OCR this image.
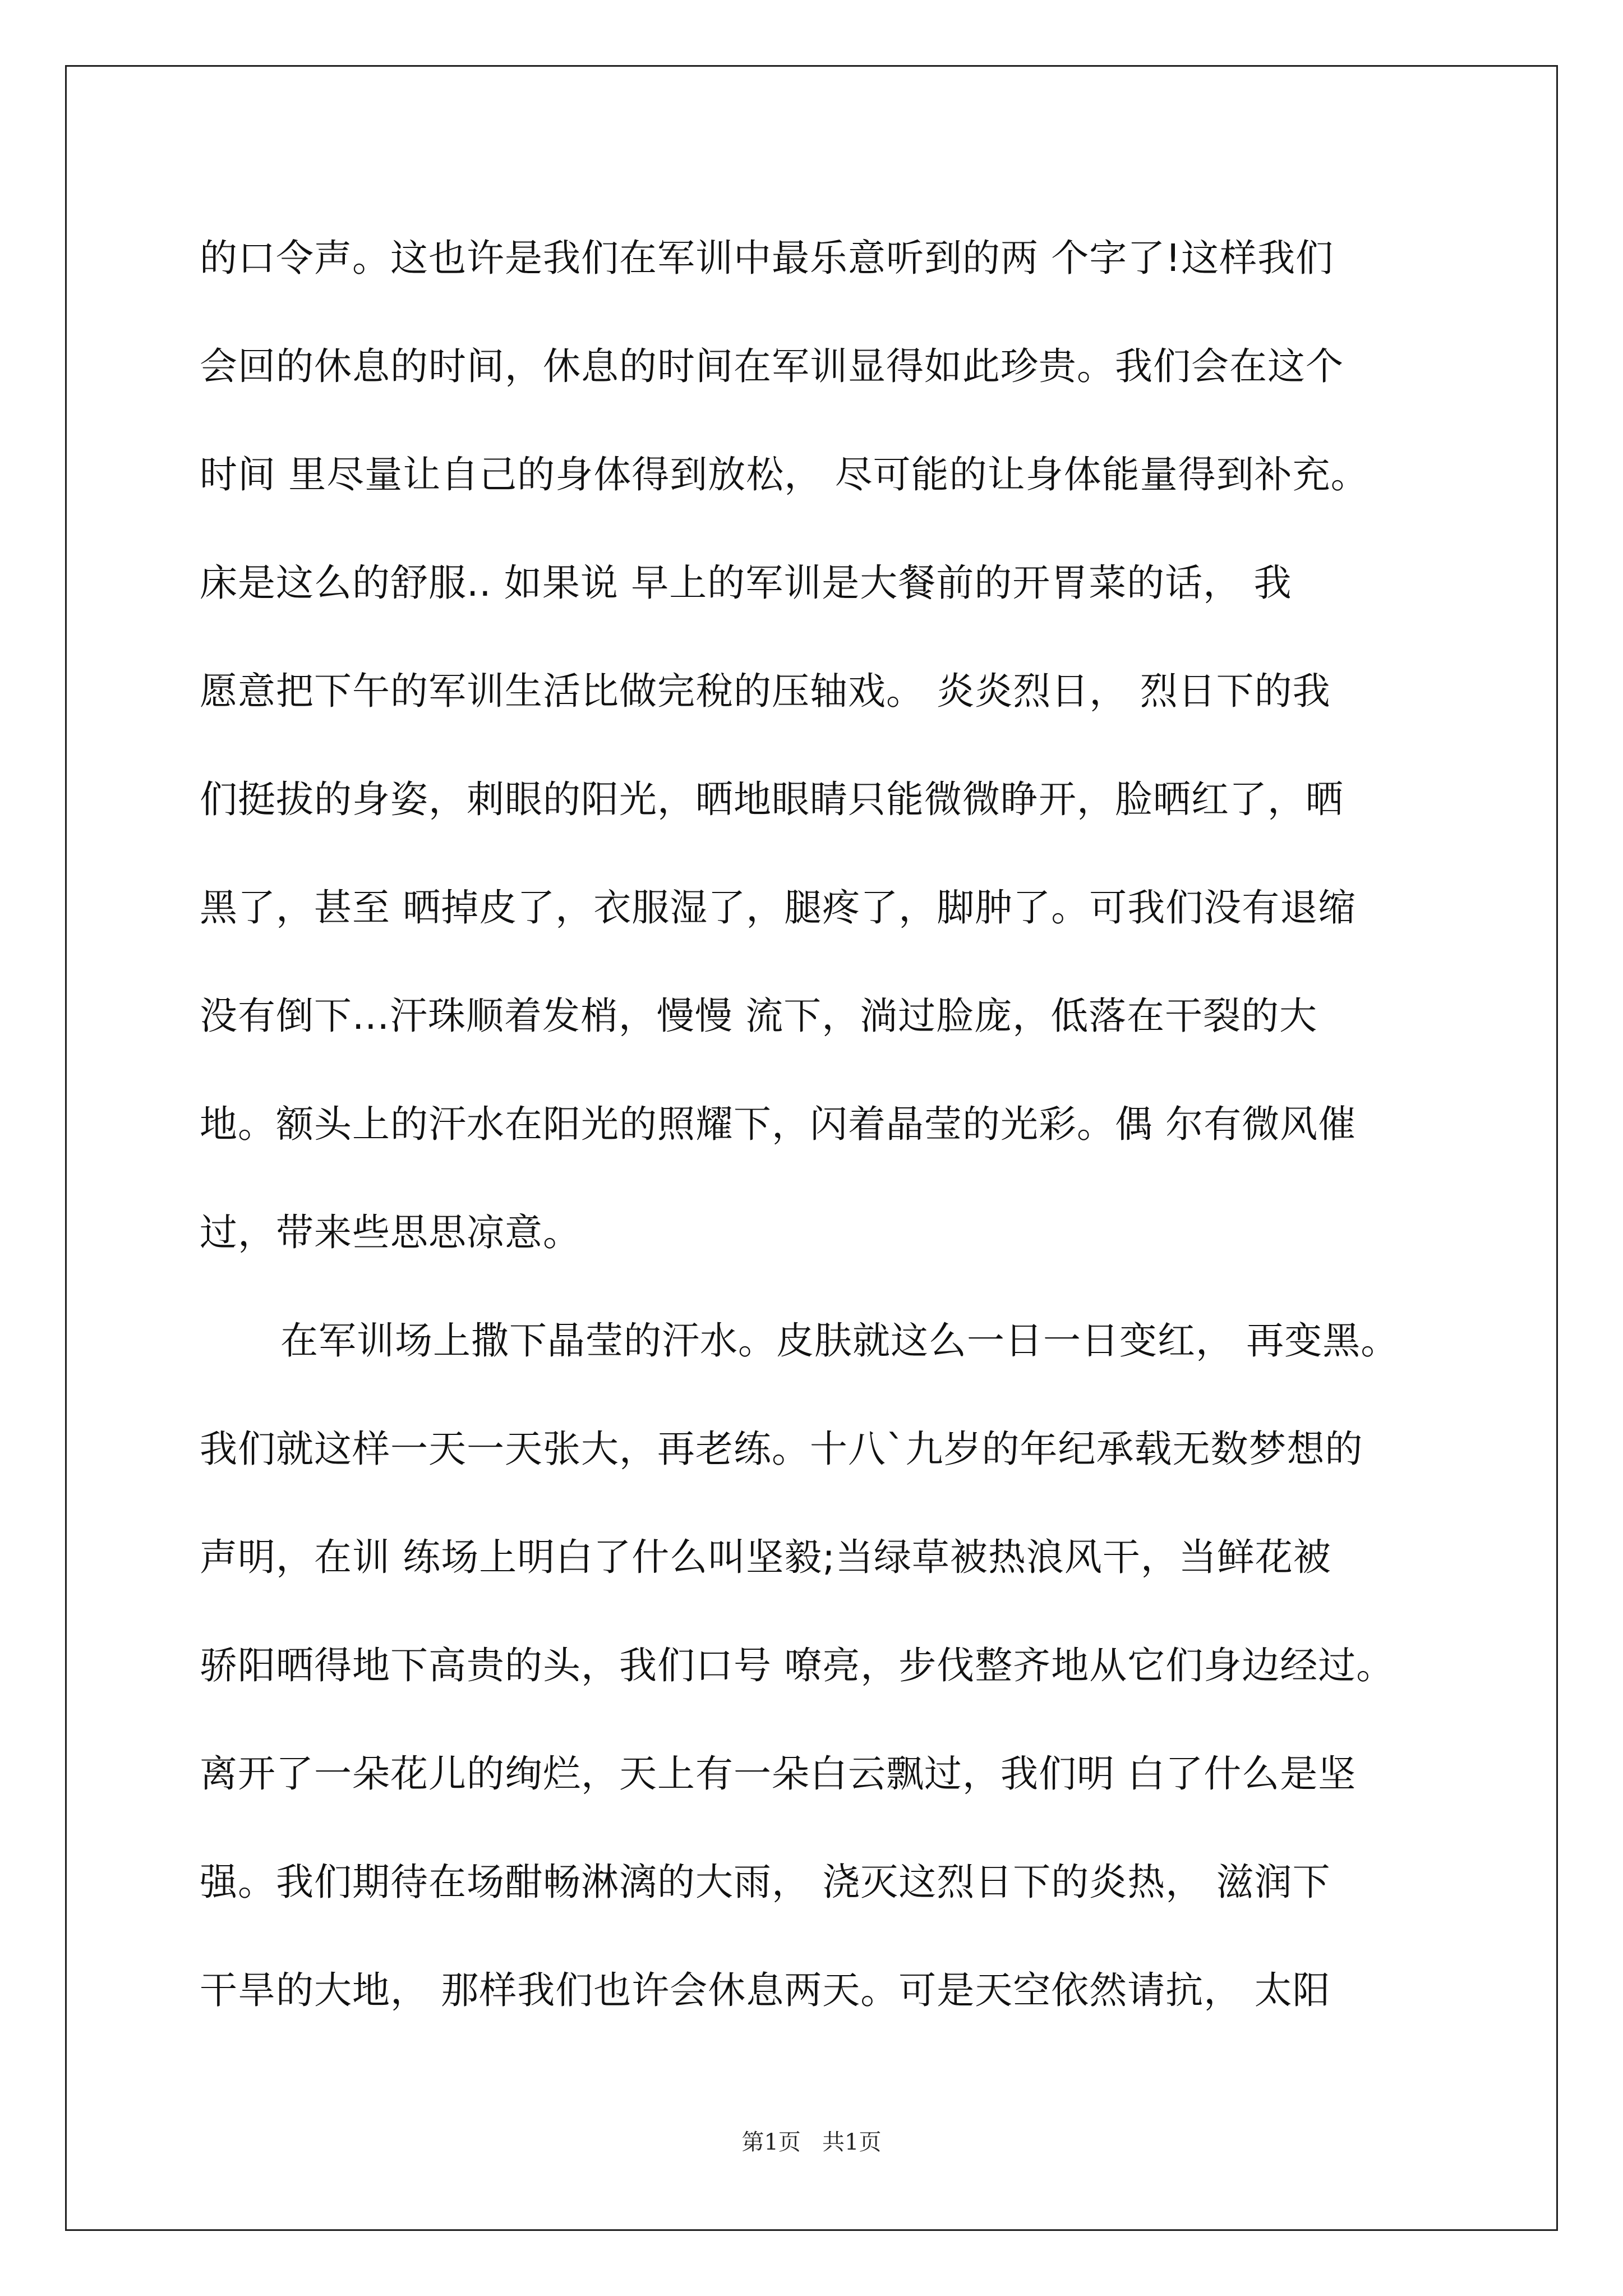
的口令声。这也许是我们在军训中最乐意听到的两 个字了!这样我们
会回的休息的时间，休息的时间在军训显得如此珍贵。我们会在这个
时间 里尽量让自己的身体得到放松， 尽可能的让身体能量得到补充。
床是这么的舒服.. 如果说 早上的军训是大餐前的开胃菜的话， 我
愿意把下午的军训生活比做完稅的压轴戏。 炎炎烈日， 烈日下的我
们挺拔的身姿，刺眼的阳光，晒地眼睛只能微微睁开，脸晒红了，晒
黑了，甚至 晒掉皮了，衣服湿了，腿疼了，脚肿了。可我们没有退缩
没有倒下...汗珠顺着发梢，慢慢 流下，淌过脸庞，低落在干裂的大
地。额头上的汗水在阳光的照耀下，闪着晶莹的光彩。偶 尔有微风催
过，带来些思思凉意。
在军训场上撒下晶莹的汗水。皮肤就这么一日一日变红， 再变黑。
我们就这样一天一天张大，再老练。十八`九岁的年纪承载无数梦想的
声明，在训 练场上明白了什么叫坚毅;当绿草被热浪风干，当鲜花被
骄阳晒得地下高贵的头，我们口号 嘹亮，步伐整齐地从它们身边经过。
离开了一朵花儿的绚烂，天上有一朵白云飘过，我们明 白了什么是坚
强。我们期待在场酣畅淋漓的大雨， 浇灭这烈日下的炎热， 滋润下
干旱的大地， 那样我们也许会休息两天。可是天空依然请抗， 太阳
第1页   共1页
